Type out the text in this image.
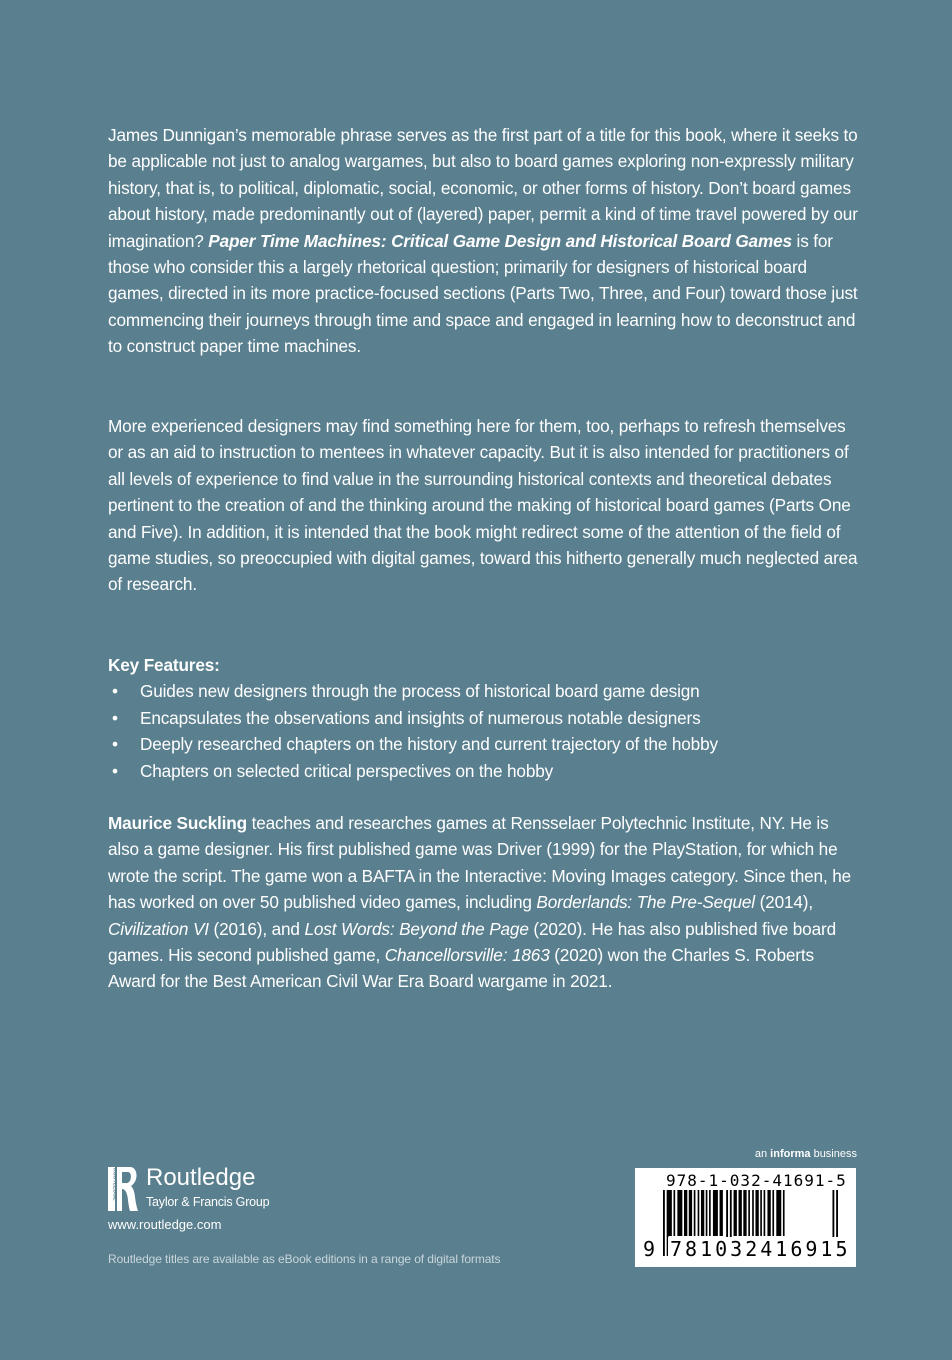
James Dunnigan’s memorable phrase serves as the first part of a title for this book, where it seeks to be applicable not just to analog wargames, but also to board games exploring non-expressly military history, that is, to political, diplomatic, social, economic, or other forms of history. Don’t board games about history, made predominantly out of (layered) paper, permit a kind of time travel powered by our imagination? Paper Time Machines: Critical Game Design and Historical Board Games is for those who consider this a largely rhetorical question; primarily for designers of historical board games, directed in its more practice-focused sections (Parts Two, Three, and Four) toward those just commencing their journeys through time and space and engaged in learning how to deconstruct and to construct paper time machines.

More experienced designers may find something here for them, too, perhaps to refresh themselves or as an aid to instruction to mentees in whatever capacity. But it is also intended for practitioners of all levels of experience to find value in the surrounding historical contexts and theoretical debates pertinent to the creation of and the thinking around the making of historical board games (Parts One and Five). In addition, it is intended that the book might redirect some of the attention of the field of game studies, so preoccupied with digital games, toward this hitherto generally much neglected area of research.

Key Features:
• Guides new designers through the process of historical board game design
• Encapsulates the observations and insights of numerous notable designers
• Deeply researched chapters on the history and current trajectory of the hobby
• Chapters on selected critical perspectives on the hobby

Maurice Suckling teaches and researches games at Rensselaer Polytechnic Institute, NY. He is also a game designer. His first published game was Driver (1999) for the PlayStation, for which he wrote the script. The game won a BAFTA in the Interactive: Moving Images category. Since then, he has worked on over 50 published video games, including Borderlands: The Pre-Sequel (2014), Civilization VI (2016), and Lost Words: Beyond the Page (2020). He has also published five board games. His second published game, Chancellorsville: 1863 (2020) won the Charles S. Roberts Award for the Best American Civil War Era Board wargame in 2021.

ROUTLEDGE Routledge
Taylor & Francis Group
www.routledge.com
Routledge titles are available as eBook editions in a range of digital formats
an informa business
978-1-032-41691-5
9 781032416915
